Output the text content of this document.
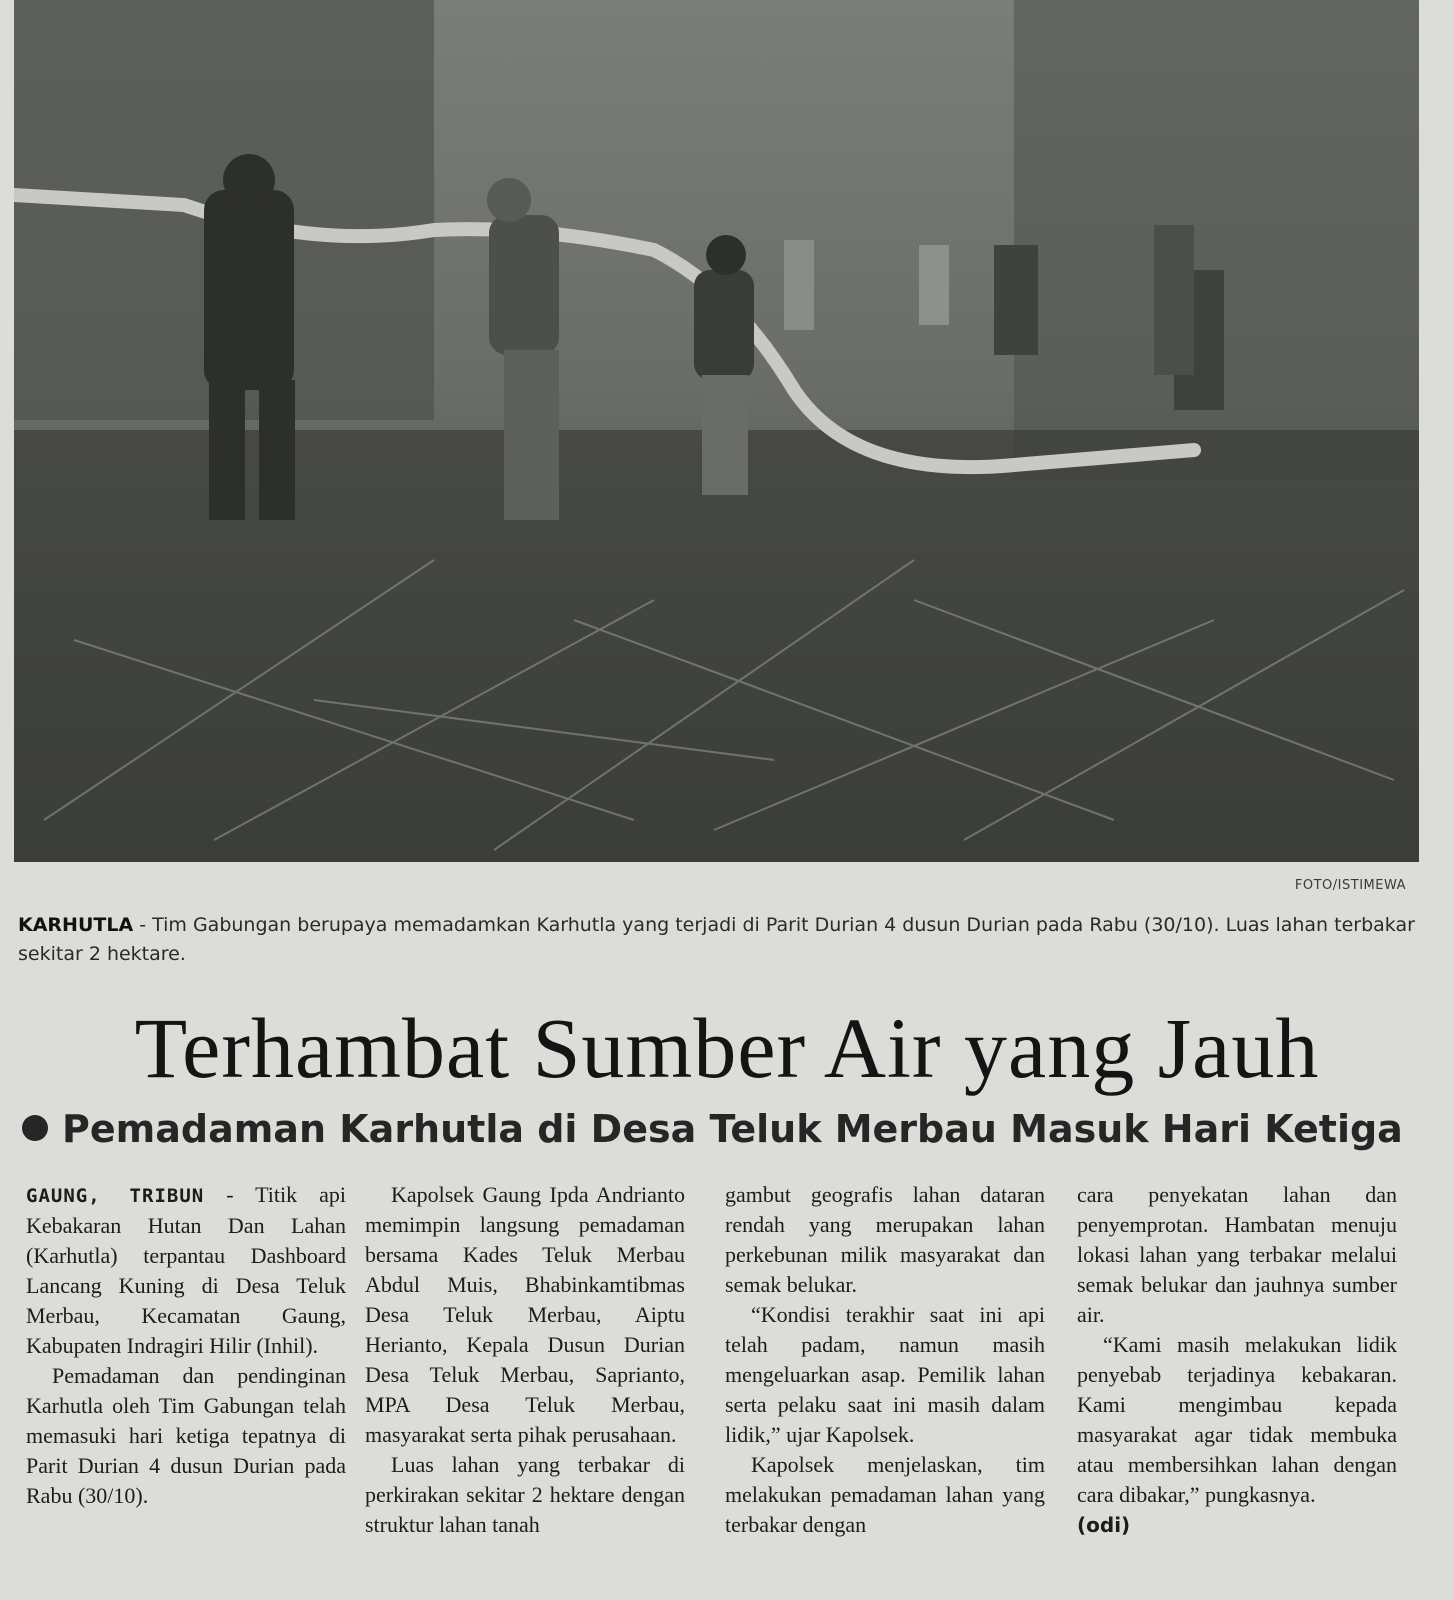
FOTO/ISTIMEWA
KARHUTLA - Tim Gabungan berupaya memadamkan Karhutla yang terjadi di Parit Durian 4 dusun Durian pada Rabu (30/10). Luas lahan terbakar sekitar 2 hektare.
Terhambat Sumber Air yang Jauh
Pemadaman Karhutla di Desa Teluk Merbau Masuk Hari Ketiga

GAUNG, TRIBUN - Titik api Kebakaran Hutan Dan Lahan (Karhutla) terpantau Dashboard Lancang Kuning di Desa Teluk Merbau, Kecamatan Gaung, Kabupaten Indragiri Hilir (Inhil).

Pemadaman dan pendinginan Karhutla oleh Tim Gabungan telah memasuki hari ketiga tepatnya di Parit Durian 4 dusun Durian pada Rabu (30/10).

Kapolsek Gaung Ipda Andrianto memimpin langsung pemadaman bersama Kades Teluk Merbau Abdul Muis, Bhabinkamtibmas Desa Teluk Merbau, Aiptu Herianto, Kepala Dusun Durian Desa Teluk Merbau, Saprianto, MPA Desa Teluk Merbau, masyarakat serta pihak perusahaan.

Luas lahan yang terbakar di perkirakan sekitar 2 hektare dengan struktur lahan tanah

gambut geografis lahan dataran rendah yang merupakan lahan perkebunan milik masyarakat dan semak belukar.

“Kondisi terakhir saat ini api telah padam, namun masih mengeluarkan asap. Pemilik lahan serta pelaku saat ini masih dalam lidik,” ujar Kapolsek.

Kapolsek menjelaskan, tim melakukan pemadaman lahan yang terbakar dengan

cara penyekatan lahan dan penyemprotan. Hambatan menuju lokasi lahan yang terbakar melalui semak belukar dan jauhnya sumber air.

“Kami masih melakukan lidik penyebab terjadinya kebakaran. Kami mengimbau kepada masyarakat agar tidak membuka atau membersihkan lahan dengan cara dibakar,” pungkasnya.

(odi)
